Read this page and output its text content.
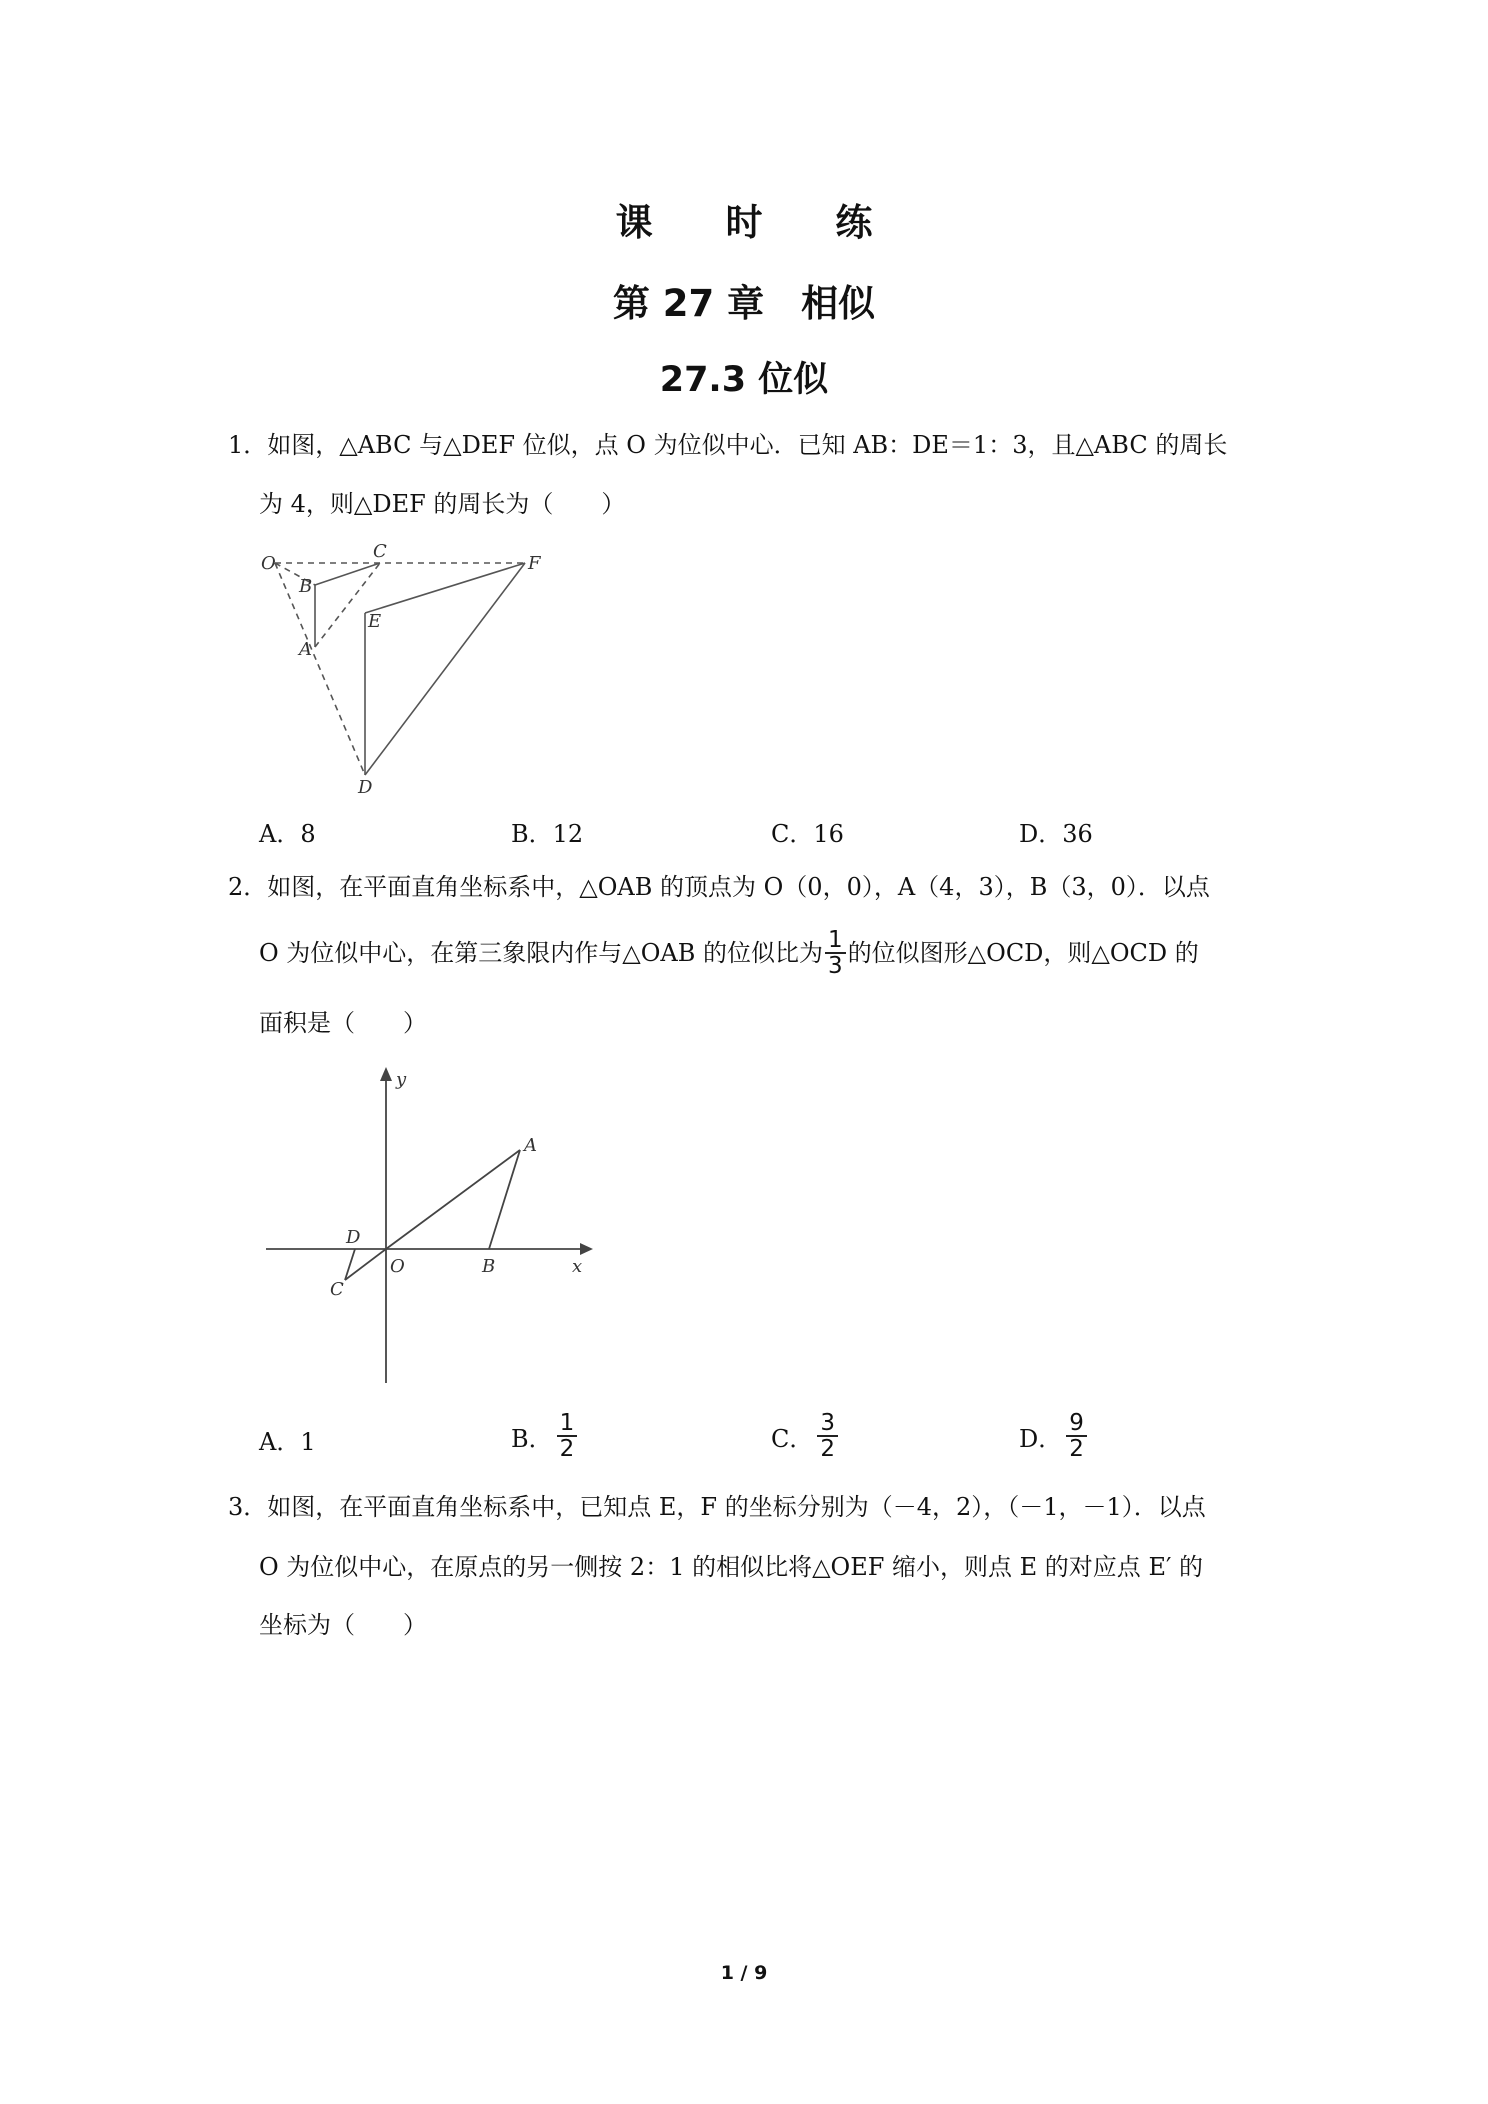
课 时 练
第 27 章　相似
27.3 位似
1．如图，△ABC 与△DEF 位似，点 O 为位似中心．已知 AB：DE＝1：3，且△ABC 的周长
为 4，则△DEF 的周长为（　　）
O
C
F
B
E
A
D
A．8	B．12	C．16	D．36
2．如图，在平面直角坐标系中，△OAB 的顶点为 O（0，0），A（4，3），B（3，0）．以点
O 为位似中心，在第三象限内作与△OAB 的位似比为 $\frac{1}{3}$ 的位似图形△OCD，则△OCD 的
面积是（　　）
y
x
O
A
B
D
C
A．1	B． $\frac{1}{2}$	C． $\frac{3}{2}$	D． $\frac{9}{2}$
3．如图，在平面直角坐标系中，已知点 E，F 的坐标分别为（－4，2），（－1，－1）．以点
O 为位似中心，在原点的另一侧按 2：1 的相似比将△OEF 缩小，则点 E 的对应点 E′ 的
坐标为（　　）
1 / 9
